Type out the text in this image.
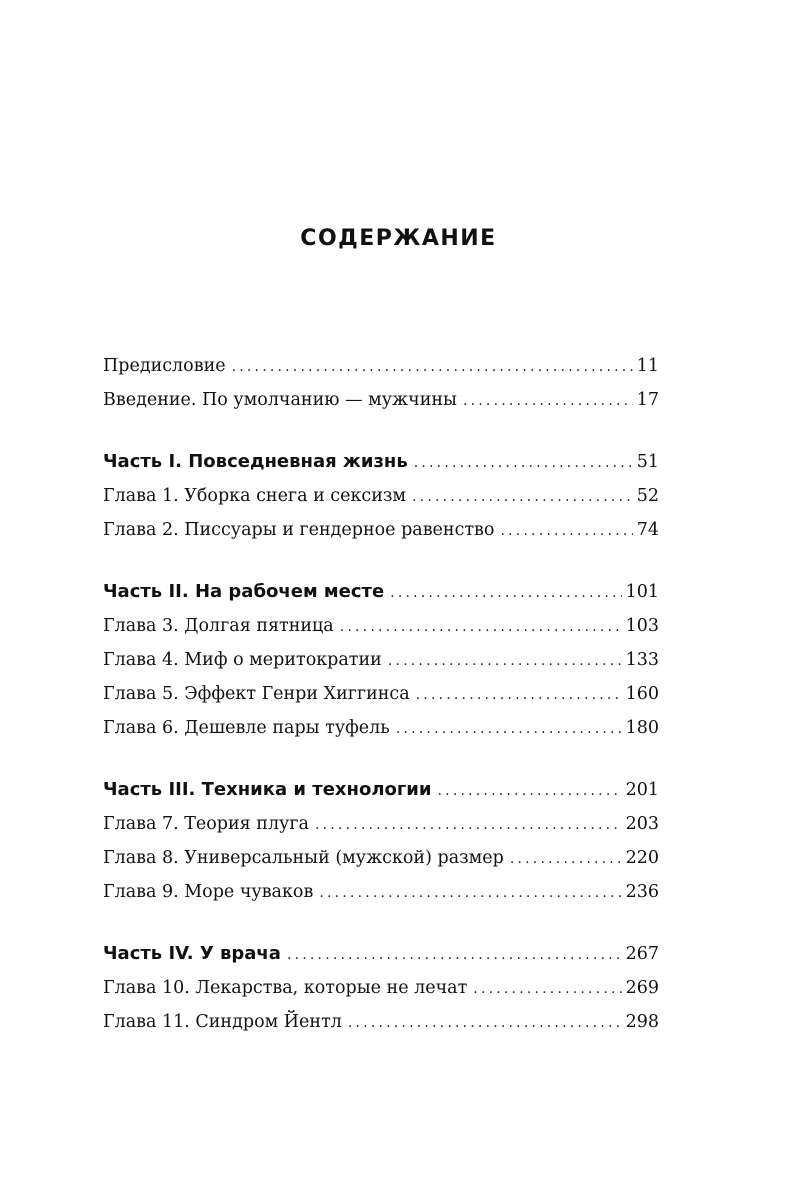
СОДЕРЖАНИЕ
Предисловие .....	11
Введение. По умолчанию — мужчины .....	17
Часть I. Повседневная жизнь .....	51
Глава 1. Уборка снега и сексизм .....	52
Глава 2. Писсуары и гендерное равенство .....	74
Часть II. На рабочем месте .....	101
Глава 3. Долгая пятница .....	103
Глава 4. Миф о меритократии .....	133
Глава 5. Эффект Генри Хиггинса .....	160
Глава 6. Дешевле пары туфель .....	180
Часть III. Техника и технологии .....	201
Глава 7. Теория плуга .....	203
Глава 8. Универсальный (мужской) размер .....	220
Глава 9. Море чуваков .....	236
Часть IV. У врача .....	267
Глава 10. Лекарства, которые не лечат .....	269
Глава 11. Синдром Йентл .....	298
